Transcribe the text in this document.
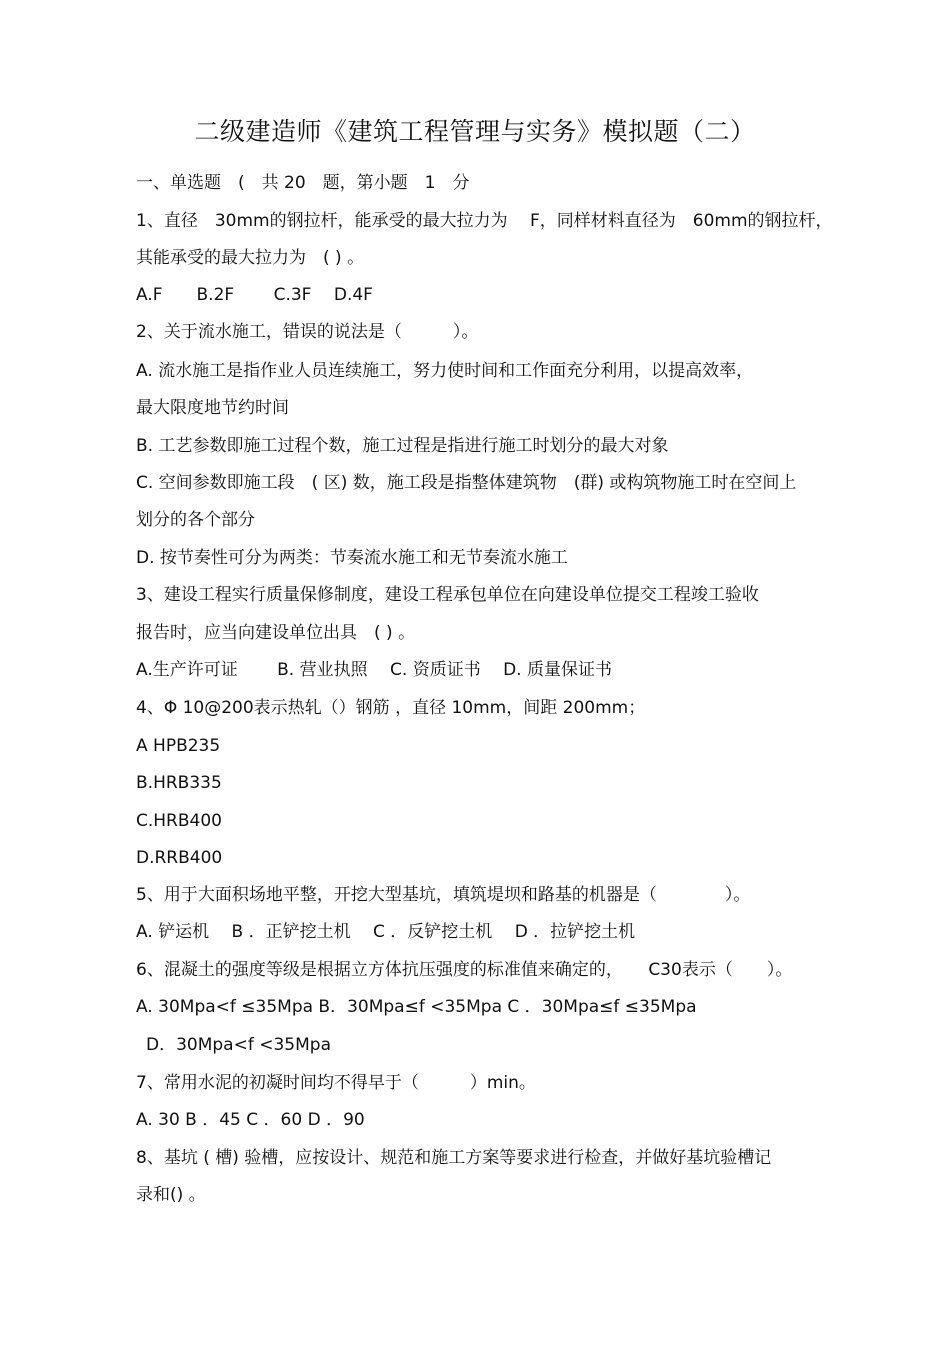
二级建造师《建筑工程管理与实务》模拟题（二）
一、单选题　(　共 20　题，第小题　1　分
1、直径　30mm的钢拉杆，能承受的最大拉力为　 F，同样材料直径为　60mm的钢拉杆，
其能承受的最大拉力为　( ) 。
A.F　　B.2F　　 C.3F　 D.4F
2、关于流水施工，错误的说法是（　　　）。
A. 流水施工是指作业人员连续施工，努力使时间和工作面充分利用，以提高效率，
最大限度地节约时间
B. 工艺参数即施工过程个数，施工过程是指进行施工时划分的最大对象
C. 空间参数即施工段　( 区) 数，施工段是指整体建筑物　(群) 或构筑物施工时在空间上
划分的各个部分
D. 按节奏性可分为两类：节奏流水施工和无节奏流水施工
3、建设工程实行质量保修制度，建设工程承包单位在向建设单位提交工程竣工验收
报告时，应当向建设单位出具　( ) 。
A.生产许可证　　 B. 营业执照　 C. 资质证书　 D. 质量保证书
4、Φ 10@200表示热轧（）钢筋 ，直径 10mm，间距 200mm；
A HPB235
B.HRB335
C.HRB400
D.RRB400
5、用于大面积场地平整，开挖大型基坑，填筑堤坝和路基的机器是（　　　　）。
A. 铲运机　 B ．正铲挖土机　 C ．反铲挖土机　 D ．拉铲挖土机
6、混凝土的强度等级是根据立方体抗压强度的标准值来确定的，　　C30表示（　　）。
A. 30Mpa<f ≤35Mpa B．30Mpa≤f <35Mpa C ．30Mpa≤f ≤35Mpa
D．30Mpa<f <35Mpa
7、常用水泥的初凝时间均不得早于（　　　）min。
A. 30 B ．45 C ．60 D ．90
8、基坑 ( 槽) 验槽，应按设计、规范和施工方案等要求进行检查，并做好基坑验槽记
录和() 。
